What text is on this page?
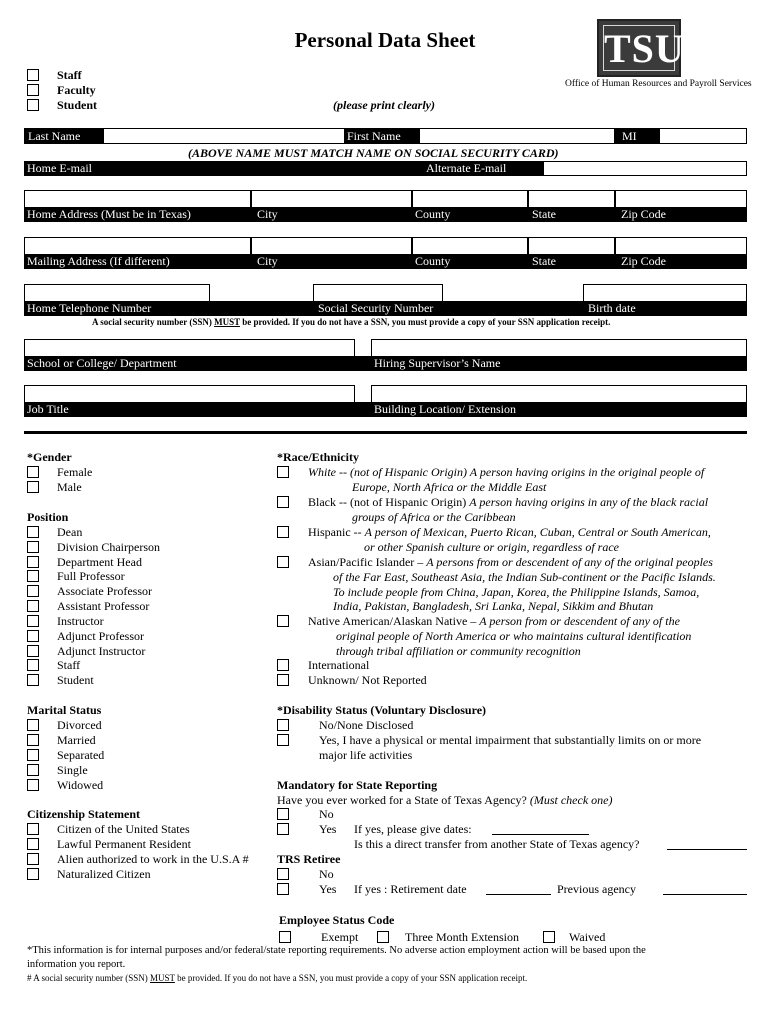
Personal Data Sheet	TSU
Office of Human Resources and Payroll Services
Staff
Faculty
Student	(please print clearly)
Last Name	First Name	MI
(ABOVE NAME MUST MATCH NAME ON SOCIAL SECURITY CARD)
Home E-mail	Alternate E-mail
Home Address (Must be in Texas)	City	County	State	Zip Code
Mailing Address (If different)	City	County	State	Zip Code
Home Telephone Number	Social Security Number	Birth date
A social security number (SSN) MUST be provided. If you do not have a SSN, you must provide a copy of your SSN application receipt.
School or College/ Department	Hiring Supervisor’s Name
Job Title	Building Location/ Extension
*Gender
Female
Male
Position
Dean
Division Chairperson
Department Head
Full Professor
Associate Professor
Assistant Professor
Instructor
Adjunct Professor
Adjunct Instructor
Staff
Student
Marital Status
Divorced
Married
Separated
Single
Widowed
Citizenship Statement
Citizen of the United States
Lawful Permanent Resident
Alien authorized to work in the U.S.A #
Naturalized Citizen
*Race/Ethnicity
White -- (not of Hispanic Origin) A person having origins in the original people of
Europe, North Africa or the Middle East
Black -- (not of Hispanic Origin) A person having origins in any of the black racial
groups of Africa or the Caribbean
Hispanic -- A person of Mexican, Puerto Rican, Cuban, Central or South American,
or other Spanish culture or origin, regardless of race
Asian/Pacific Islander – A persons from or descendent of any of the original peoples
of the Far East, Southeast Asia, the Indian Sub-continent or the Pacific Islands.
To include people from China, Japan, Korea, the Philippine Islands, Samoa,
India, Pakistan, Bangladesh, Sri Lanka, Nepal, Sikkim and Bhutan
Native American/Alaskan Native – A person from or descendent of any of the
original people of North America or who maintains cultural identification
through tribal affiliation or community recognition
International
Unknown/ Not Reported
*Disability Status (Voluntary Disclosure)
No/None Disclosed
Yes, I have a physical or mental impairment that substantially limits on or more
major life activities
Mandatory for State Reporting
Have you ever worked for a State of Texas Agency? (Must check one)
No
Yes If yes, please give dates:
Is this a direct transfer from another State of Texas agency?
TRS Retiree
No
Yes If yes : Retirement date	Previous agency
Employee Status Code
Exempt	Three Month Extension	Waived
*This information is for internal purposes and/or federal/state reporting requirements. No adverse action employment action will be based upon the
information you report.
# A social security number (SSN) MUST be provided. If you do not have a SSN, you must provide a copy of your SSN application receipt.
